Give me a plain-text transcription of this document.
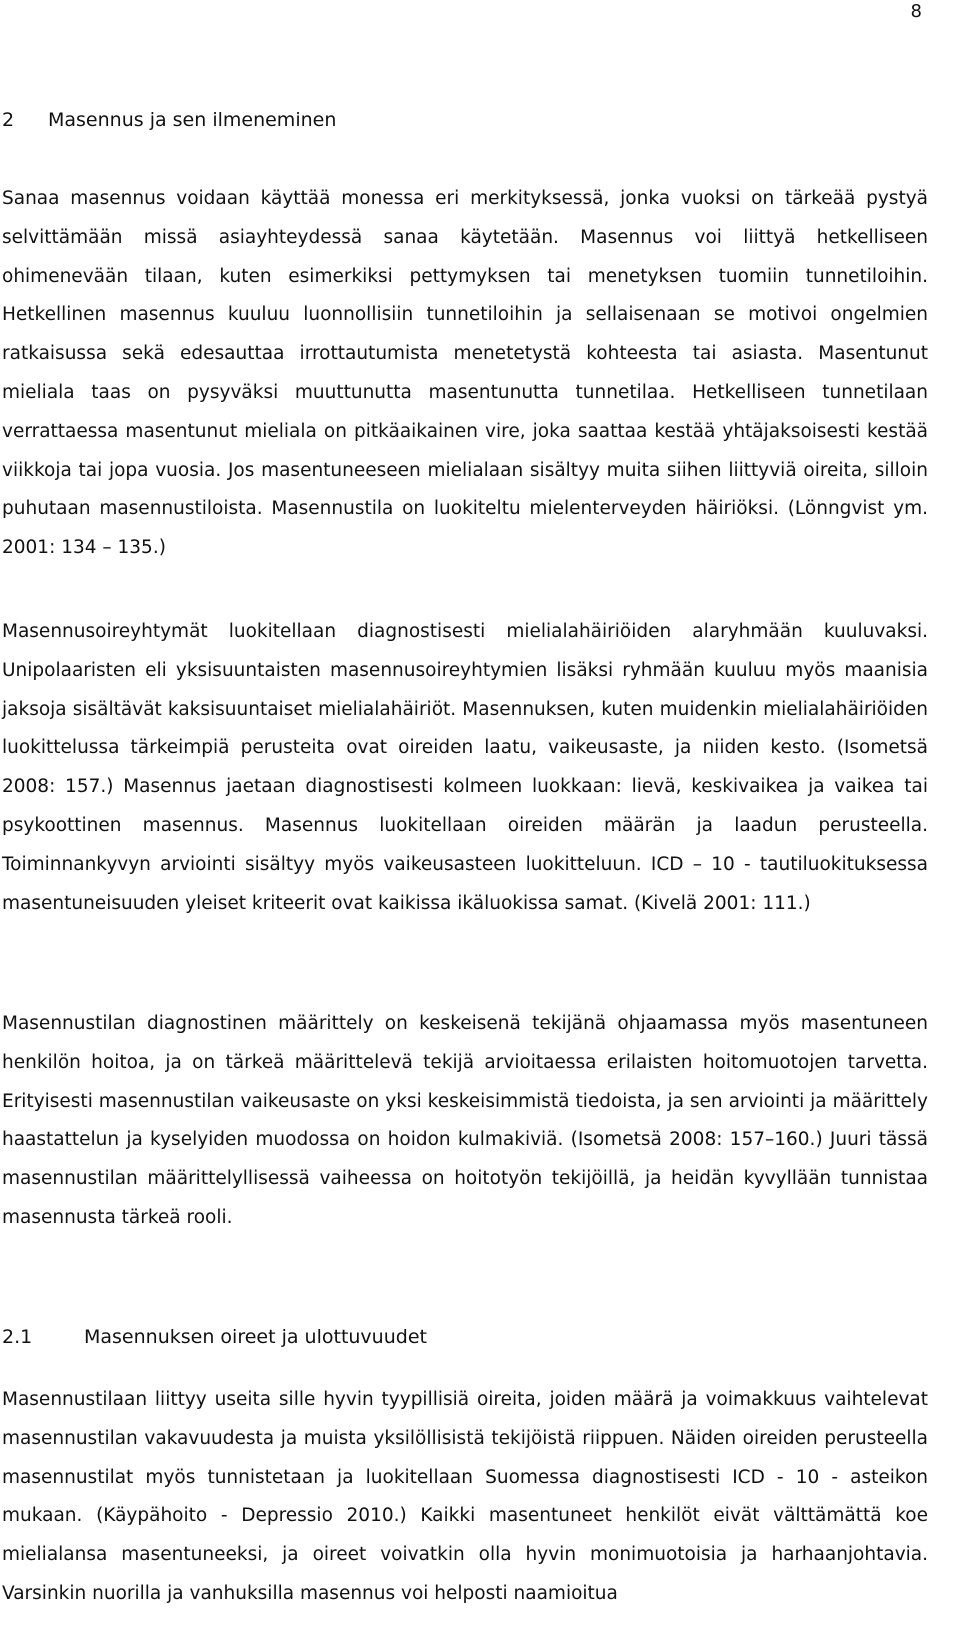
8
2 Masennus ja sen ilmeneminen

Sanaa masennus voidaan käyttää monessa eri merkityksessä, jonka vuoksi on tärkeää pystyä selvittämään missä asiayhteydessä sanaa käytetään. Masennus voi liittyä hetkelliseen ohimenevään tilaan, kuten esimerkiksi pettymyksen tai menetyksen tuomiin tunnetiloihin. Hetkellinen masennus kuuluu luonnollisiin tunnetiloihin ja sellaisenaan se motivoi ongelmien ratkaisussa sekä edesauttaa irrottautumista menetetystä kohteesta tai asiasta. Masentunut mieliala taas on pysyväksi muuttunutta masentunutta tunnetilaa. Hetkelliseen tunnetilaan verrattaessa masentunut mieliala on pitkäaikainen vire, joka saattaa kestää yhtäjaksoisesti kestää viikkoja tai jopa vuosia. Jos masentuneeseen mielialaan sisältyy muita siihen liittyviä oireita, silloin puhutaan masennustiloista. Masennustila on luokiteltu mielenterveyden häiriöksi. (Lönngvist ym. 2001: 134 – 135.)

Masennusoireyhtymät luokitellaan diagnostisesti mielialahäiriöiden alaryhmään kuuluvaksi. Unipolaaristen eli yksisuuntaisten masennusoireyhtymien lisäksi ryhmään kuuluu myös maanisia jaksoja sisältävät kaksisuuntaiset mielialahäiriöt. Masennuksen, kuten muidenkin mielialahäiriöiden luokittelussa tärkeimpiä perusteita ovat oireiden laatu, vaikeusaste, ja niiden kesto. (Isometsä 2008: 157.) Masennus jaetaan diagnostisesti kolmeen luokkaan: lievä, keskivaikea ja vaikea tai psykoottinen masennus. Masennus luokitellaan oireiden määrän ja laadun perusteella. Toiminnankyvyn arviointi sisältyy myös vaikeusasteen luokitteluun. ICD – 10 - tautiluokituksessa masentuneisuuden yleiset kriteerit ovat kaikissa ikäluokissa samat. (Kivelä 2001: 111.)

Masennustilan diagnostinen määrittely on keskeisenä tekijänä ohjaamassa myös masentuneen henkilön hoitoa, ja on tärkeä määrittelevä tekijä arvioitaessa erilaisten hoitomuotojen tarvetta. Erityisesti masennustilan vaikeusaste on yksi keskeisimmistä tiedoista, ja sen arviointi ja määrittely haastattelun ja kyselyiden muodossa on hoidon kulmakiviä. (Isometsä 2008: 157–160.) Juuri tässä masennustilan määrittelyllisessä vaiheessa on hoitotyön tekijöillä, ja heidän kyvyllään tunnistaa masennusta tärkeä rooli.

2.1	Masennuksen oireet ja ulottuvuudet

Masennustilaan liittyy useita sille hyvin tyypillisiä oireita, joiden määrä ja voimakkuus vaihtelevat masennustilan vakavuudesta ja muista yksilöllisistä tekijöistä riippuen. Näiden oireiden perusteella masennustilat myös tunnistetaan ja luokitellaan Suomessa diagnostisesti ICD - 10 - asteikon mukaan. (Käypähoito - Depressio 2010.) Kaikki masentuneet henkilöt eivät välttämättä koe mielialansa masentuneeksi, ja oireet voivatkin olla hyvin monimuotoisia ja harhaanjohtavia. Varsinkin nuorilla ja vanhuksilla masennus voi helposti naamioitua
